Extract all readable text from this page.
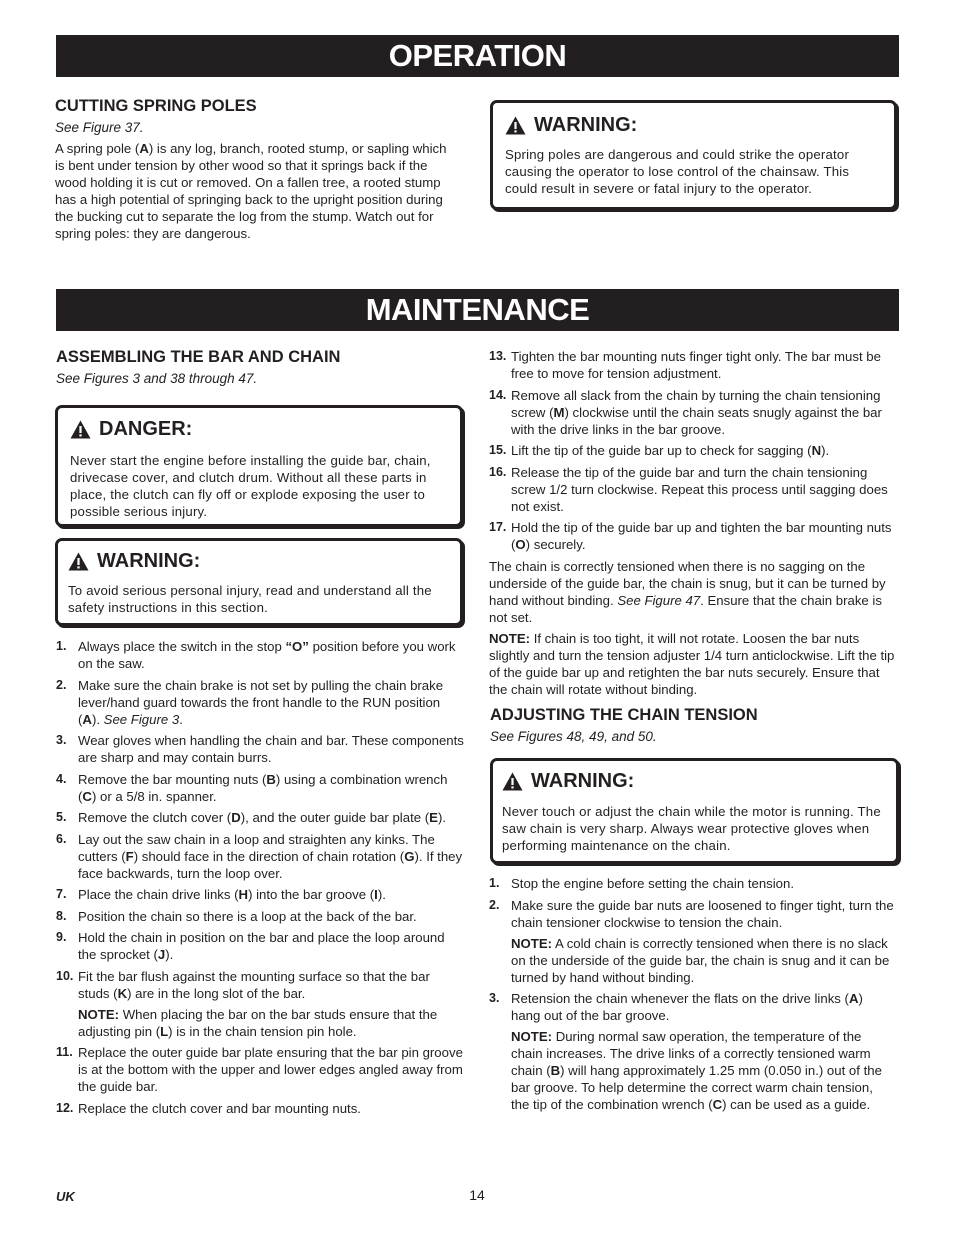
OPERATION
MAINTENANCE
CUTTING SPRING POLES
See Figure 37.

A spring pole (A) is any log, branch, rooted stump, or sapling which is bent under tension by other wood so that it springs back if the wood holding it is cut or removed. On a fallen tree, a rooted stump has a high potential of springing back to the upright position during the bucking cut to separate the log from the stump. Watch out for spring poles: they are dangerous.

WARNING:
Spring poles are dangerous and could strike the operator causing the operator to lose control of the chainsaw. This could result in severe or fatal injury to the operator.
ASSEMBLING THE BAR AND CHAIN
See Figures 3 and 38 through 47.
DANGER:
Never start the engine before installing the guide bar, chain, drivecase cover, and clutch drum. Without all these parts in place, the clutch can fly off or explode exposing the user to possible serious injury.
WARNING:
To avoid serious personal injury, read and understand all the safety instructions in this section.
1. Always place the switch in the stop “O” position before you work on the saw.
2. Make sure the chain brake is not set by pulling the chain brake lever/hand guard towards the front handle to the RUN position (A). See Figure 3.
3. Wear gloves when handling the chain and bar. These components are sharp and may contain burrs.
4. Remove the bar mounting nuts (B) using a combination wrench (C) or a 5/8 in. spanner.
5. Remove the clutch cover (D), and the outer guide bar plate (E).
6. Lay out the saw chain in a loop and straighten any kinks. The cutters (F) should face in the direction of chain rotation (G). If they face backwards, turn the loop over.
7. Place the chain drive links (H) into the bar groove (I).
8. Position the chain so there is a loop at the back of the bar.
9. Hold the chain in position on the bar and place the loop around the sprocket (J).
10. Fit the bar flush against the mounting surface so that the bar studs (K) are in the long slot of the bar.
NOTE: When placing the bar on the bar studs ensure that the adjusting pin (L) is in the chain tension pin hole.
11. Replace the outer guide bar plate ensuring that the bar pin groove is at the bottom with the upper and lower edges angled away from the guide bar.
12. Replace the clutch cover and bar mounting nuts.
13. Tighten the bar mounting nuts finger tight only. The bar must be free to move for tension adjustment.
14. Remove all slack from the chain by turning the chain tensioning screw (M) clockwise until the chain seats snugly against the bar with the drive links in the bar groove.
15. Lift the tip of the guide bar up to check for sagging (N).
16. Release the tip of the guide bar and turn the chain tensioning screw 1/2 turn clockwise. Repeat this process until sagging does not exist.
17. Hold the tip of the guide bar up and tighten the bar mounting nuts (O) securely.

The chain is correctly tensioned when there is no sagging on the underside of the guide bar, the chain is snug, but it can be turned by hand without binding. See Figure 47. Ensure that the chain brake is not set.

NOTE: If chain is too tight, it will not rotate. Loosen the bar nuts slightly and turn the tension adjuster 1/4 turn anticlockwise. Lift the tip of the guide bar up and retighten the bar nuts securely. Ensure that the chain will rotate without binding.

ADJUSTING THE CHAIN TENSION
See Figures 48, 49, and 50.
WARNING:
Never touch or adjust the chain while the motor is running. The saw chain is very sharp. Always wear protective gloves when performing maintenance on the chain.
1. Stop the engine before setting the chain tension.
2. Make sure the guide bar nuts are loosened to finger tight, turn the chain tensioner clockwise to tension the chain.
NOTE: A cold chain is correctly tensioned when there is no slack on the underside of the guide bar, the chain is snug and it can be turned by hand without binding.
3. Retension the chain whenever the flats on the drive links (A) hang out of the bar groove.
NOTE: During normal saw operation, the temperature of the chain increases. The drive links of a correctly tensioned warm chain (B) will hang approximately 1.25 mm (0.050 in.) out of the bar groove. To help determine the correct warm chain tension, the tip of the combination wrench (C) can be used as a guide.
UK	14
